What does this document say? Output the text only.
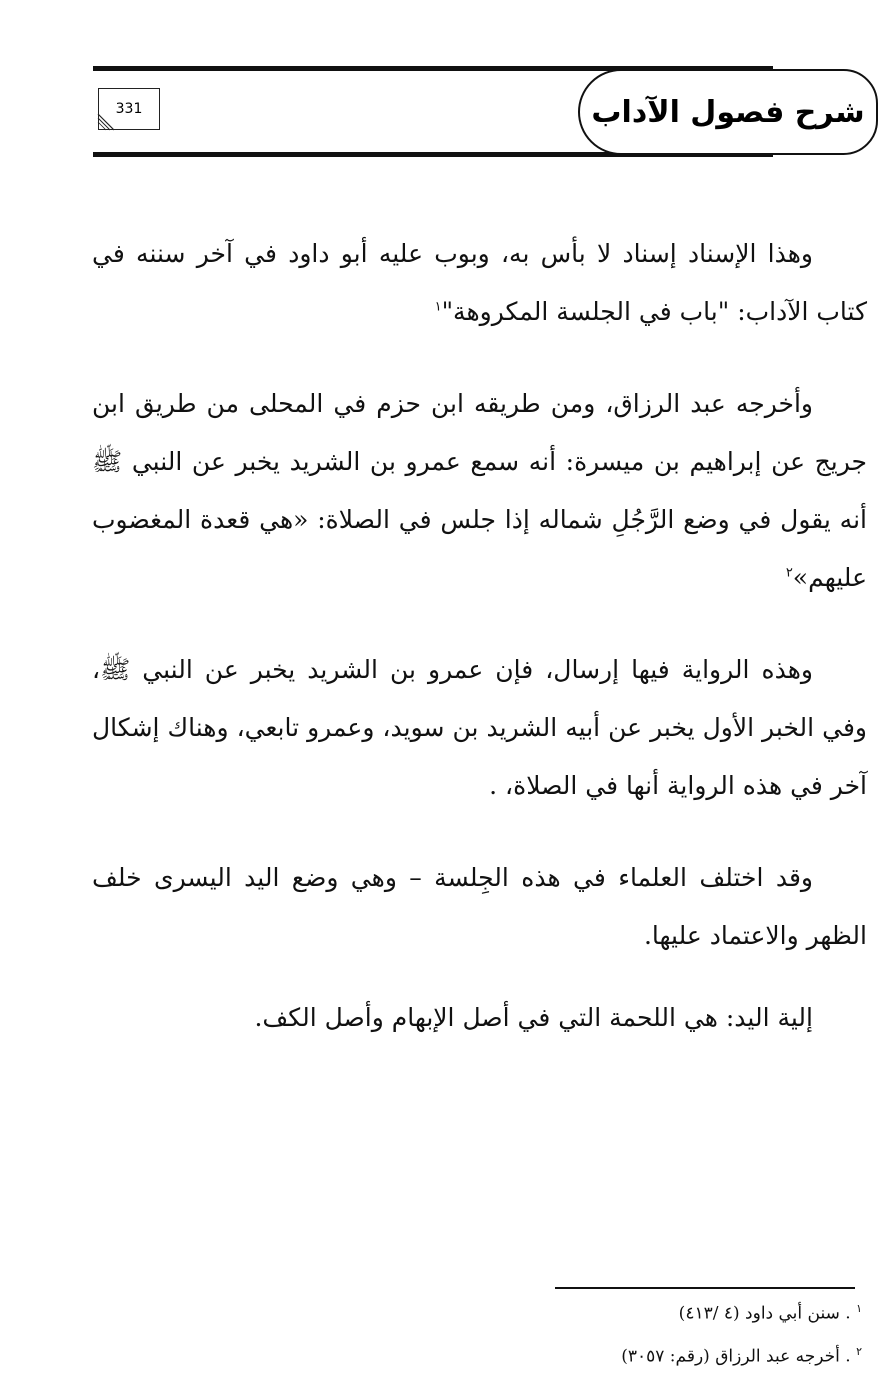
شرح فصول الآداب
331

وهذا الإسناد إسناد لا بأس به، وبوب عليه أبو داود في آخر سننه في كتاب الآداب: "باب في الجلسة المكروهة"$^١$

وأخرجه عبد الرزاق، ومن طريقه ابن حزم في المحلى من طريق ابن جريج عن إبراهيم بن ميسرة: أنه سمع عمرو بن الشريد يخبر عن النبي ﷺ أنه يقول في وضع الرَّجُلِ شماله إذا جلس في الصلاة: «هي قعدة المغضوب عليهم»$^٢$

وهذه الرواية فيها إرسال، فإن عمرو بن الشريد يخبر عن النبي ﷺ، وفي الخبر الأول يخبر عن أبيه الشريد بن سويد، وعمرو تابعي، وهناك إشكال آخر في هذه الرواية أنها في الصلاة، .

وقد اختلف العلماء في هذه الجِلسة – وهي وضع اليد اليسرى خلف الظهر والاعتماد عليها.

إلية اليد: هي اللحمة التي في أصل الإبهام وأصل الكف.

$^١$ . سنن أبي داود (٤ /٤١٣)
$^٢$ . أخرجه عبد الرزاق (رقم: ٣٠٥٧)
